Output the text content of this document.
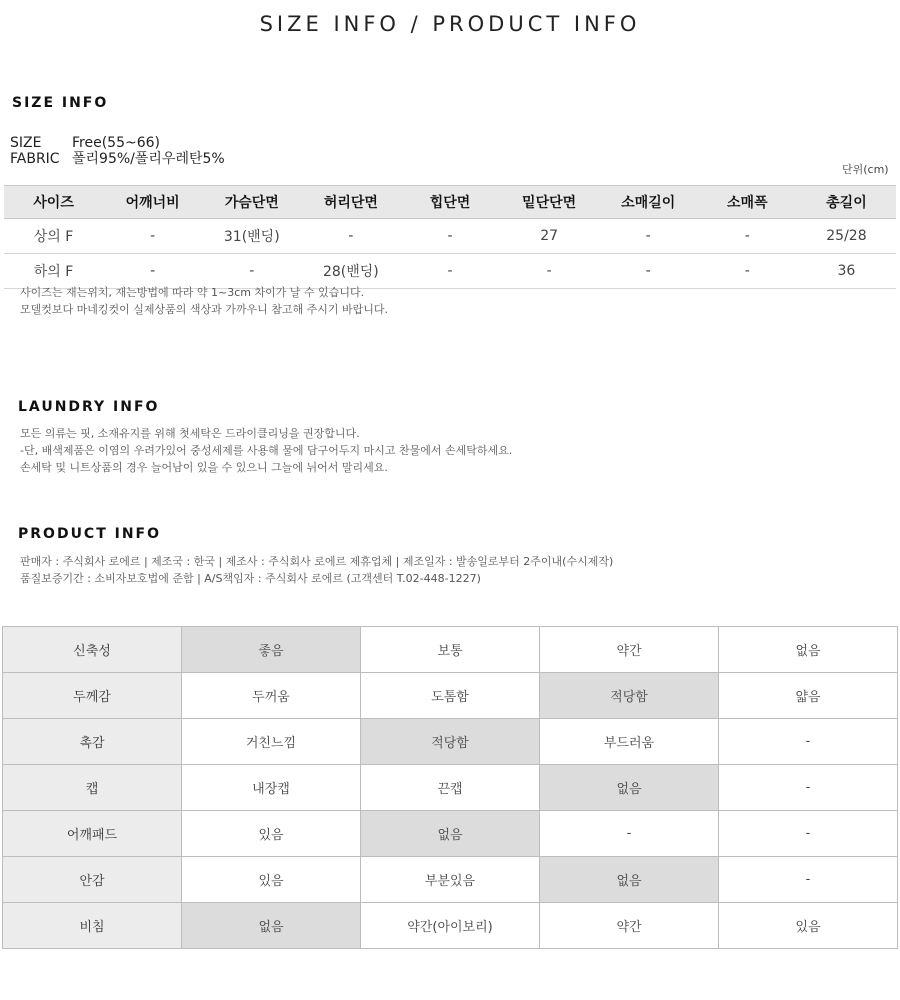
SIZE INFO / PRODUCT INFO
SIZE INFO
SIZE Free(55~66)
FABRIC 폴리95%/폴리우레탄5%
단위(cm)
사이즈	어깨너비	가슴단면	허리단면	힙단면	밑단단면	소매길이	소매폭	총길이
상의 F	-	31(밴딩)	-	-	27	-	-	25/28
하의 F	-	-	28(밴딩)	-	-	-	-	36
사이즈는 재는위치, 재는방법에 따라 약 1~3cm 차이가 날 수 있습니다.
모델컷보다 마네킹컷이 실제상품의 색상과 가까우니 참고해 주시기 바랍니다.
LAUNDRY INFO
모든 의류는 핏, 소재유지를 위해 첫세탁은 드라이클리닝을 권장합니다.
-단, 배색제품은 이염의 우려가있어 중성세제를 사용해 물에 담구어두지 마시고 찬물에서 손세탁하세요.
손세탁 및 니트상품의 경우 늘어남이 있을 수 있으니 그늘에 뉘어서 말리세요.
PRODUCT INFO
판매자 : 주식회사 로에르 | 제조국 : 한국 | 제조사 : 주식회사 로에르 제휴업체 | 제조일자 : 발송일로부터 2주이내(수시제작)
품질보증기간 : 소비자보호법에 준함 | A/S책임자 : 주식회사 로에르 (고객센터 T.02-448-1227)
신축성	좋음	보통	약간	없음
두께감	두꺼움	도톰함	적당함	얇음
촉감	거친느낌	적당함	부드러움	-
캡	내장캡	끈캡	없음	-
어깨패드	있음	없음	-	-
안감	있음	부분있음	없음	-
비침	없음	약간(아이보리)	약간	있음
